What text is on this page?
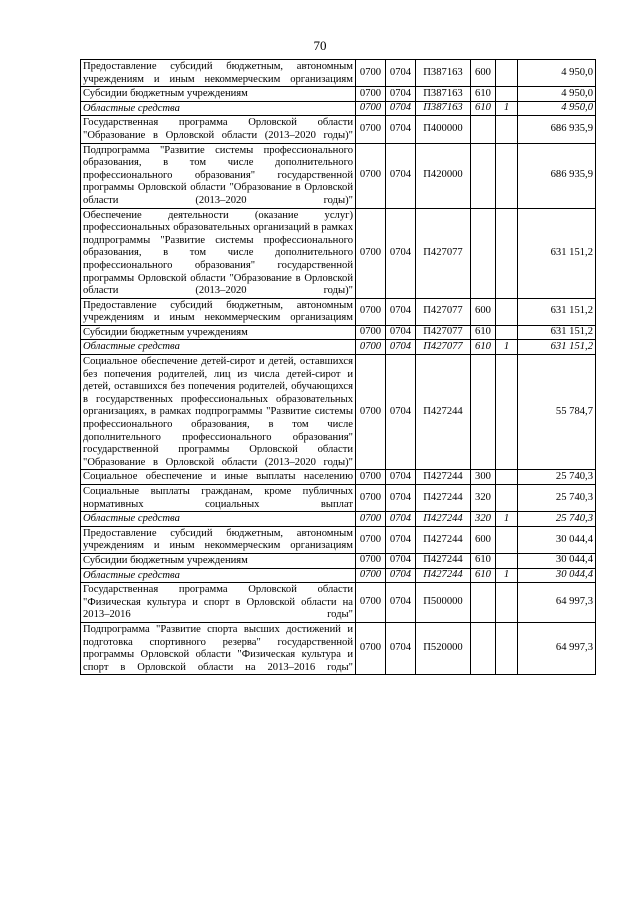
70
Предоставление субсидий бюджетным, автономным учреждениям и иным некоммерческим организациям	0700	0704	П387163	600		4 950,0
Субсидии бюджетным учреждениям	0700	0704	П387163	610		4 950,0
Областные средства	0700	0704	П387163	610	1	4 950,0
Государственная программа Орловской области "Образование в Орловской области (2013–2020 годы)"	0700	0704	П400000			686 935,9
Подпрограмма "Развитие системы профессионального образования, в том числе дополнительного профессионального образования" государственной программы Орловской области "Образование в Орловской области (2013–2020 годы)"	0700	0704	П420000			686 935,9
Обеспечение деятельности (оказание услуг) профессиональных образовательных организаций в рамках подпрограммы "Развитие системы профессионального образования, в том числе дополнительного профессионального образования" государственной программы Орловской области "Образование в Орловской области (2013–2020 годы)"	0700	0704	П427077			631 151,2
Предоставление субсидий бюджетным, автономным учреждениям и иным некоммерческим организациям	0700	0704	П427077	600		631 151,2
Субсидии бюджетным учреждениям	0700	0704	П427077	610		631 151,2
Областные средства	0700	0704	П427077	610	1	631 151,2
Социальное обеспечение детей-сирот и детей, оставшихся без попечения родителей, лиц из числа детей-сирот и детей, оставшихся без попечения родителей, обучающихся в государственных профессиональных образовательных организациях, в рамках подпрограммы "Развитие системы профессионального образования, в том числе дополнительного профессионального образования" государственной программы Орловской области "Образование в Орловской области (2013–2020 годы)"	0700	0704	П427244			55 784,7
Социальное обеспечение и иные выплаты населению	0700	0704	П427244	300		25 740,3
Социальные выплаты гражданам, кроме публичных нормативных социальных выплат	0700	0704	П427244	320		25 740,3
Областные средства	0700	0704	П427244	320	1	25 740,3
Предоставление субсидий бюджетным, автономным учреждениям и иным некоммерческим организациям	0700	0704	П427244	600		30 044,4
Субсидии бюджетным учреждениям	0700	0704	П427244	610		30 044,4
Областные средства	0700	0704	П427244	610	1	30 044,4
Государственная программа Орловской области "Физическая культура и спорт в Орловской области на 2013–2016 годы"	0700	0704	П500000			64 997,3
Подпрограмма "Развитие спорта высших достижений и подготовка спортивного резерва" государственной программы Орловской области "Физическая культура и спорт в Орловской области на 2013–2016 годы"	0700	0704	П520000			64 997,3
